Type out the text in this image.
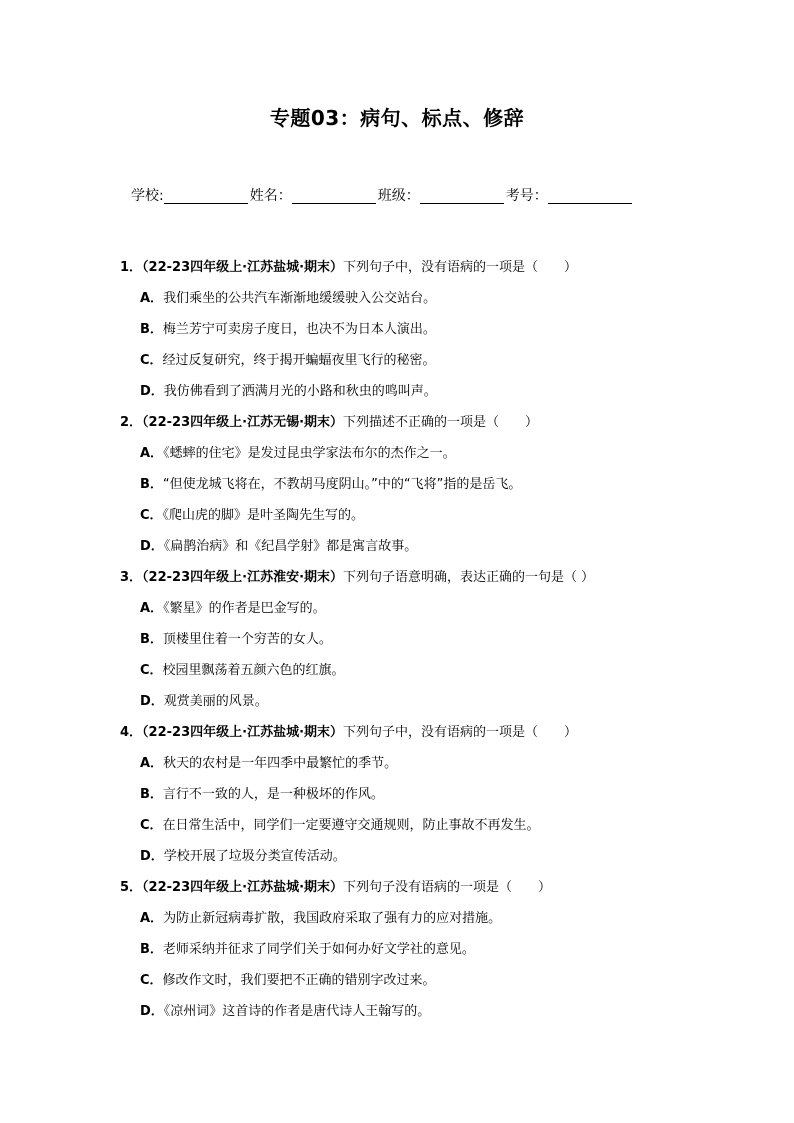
专题03：病句、标点、修辞
学校:	姓名：	班级：	考号：
1．（22-23四年级上·江苏盐城·期末）下列句子中，没有语病的一项是（　　）
A．我们乘坐的公共汽车渐渐地缓缓驶入公交站台。
B．梅兰芳宁可卖房子度日，也决不为日本人演出。
C．经过反复研究，终于揭开蝙蝠夜里飞行的秘密。
D．我仿佛看到了洒满月光的小路和秋虫的鸣叫声。
2．（22-23四年级上·江苏无锡·期末）下列描述不正确的一项是（　　）
A．《蟋蟀的住宅》是发过昆虫学家法布尔的杰作之一。
B．“但使龙城飞将在，不教胡马度阴山。”中的“飞将”指的是岳飞。
C．《爬山虎的脚》是叶圣陶先生写的。
D．《扁鹊治病》和《纪昌学射》都是寓言故事。
3．（22-23四年级上·江苏淮安·期末）下列句子语意明确，表达正确的一句是（ ）
A．《繁星》的作者是巴金写的。
B．顶楼里住着一个穷苦的女人。
C．校园里飘荡着五颜六色的红旗。
D．观赏美丽的风景。
4．（22-23四年级上·江苏盐城·期末）下列句子中，没有语病的一项是（　　）
A．秋天的农村是一年四季中最繁忙的季节。
B．言行不一致的人，是一种极坏的作风。
C．在日常生活中，同学们一定要遵守交通规则，防止事故不再发生。
D．学校开展了垃圾分类宣传活动。
5．（22-23四年级上·江苏盐城·期末）下列句子没有语病的一项是（　　）
A．为防止新冠病毒扩散，我国政府采取了强有力的应对措施。
B．老师采纳并征求了同学们关于如何办好文学社的意见。
C．修改作文时，我们要把不正确的错别字改过来。
D．《凉州词》这首诗的作者是唐代诗人王翰写的。
